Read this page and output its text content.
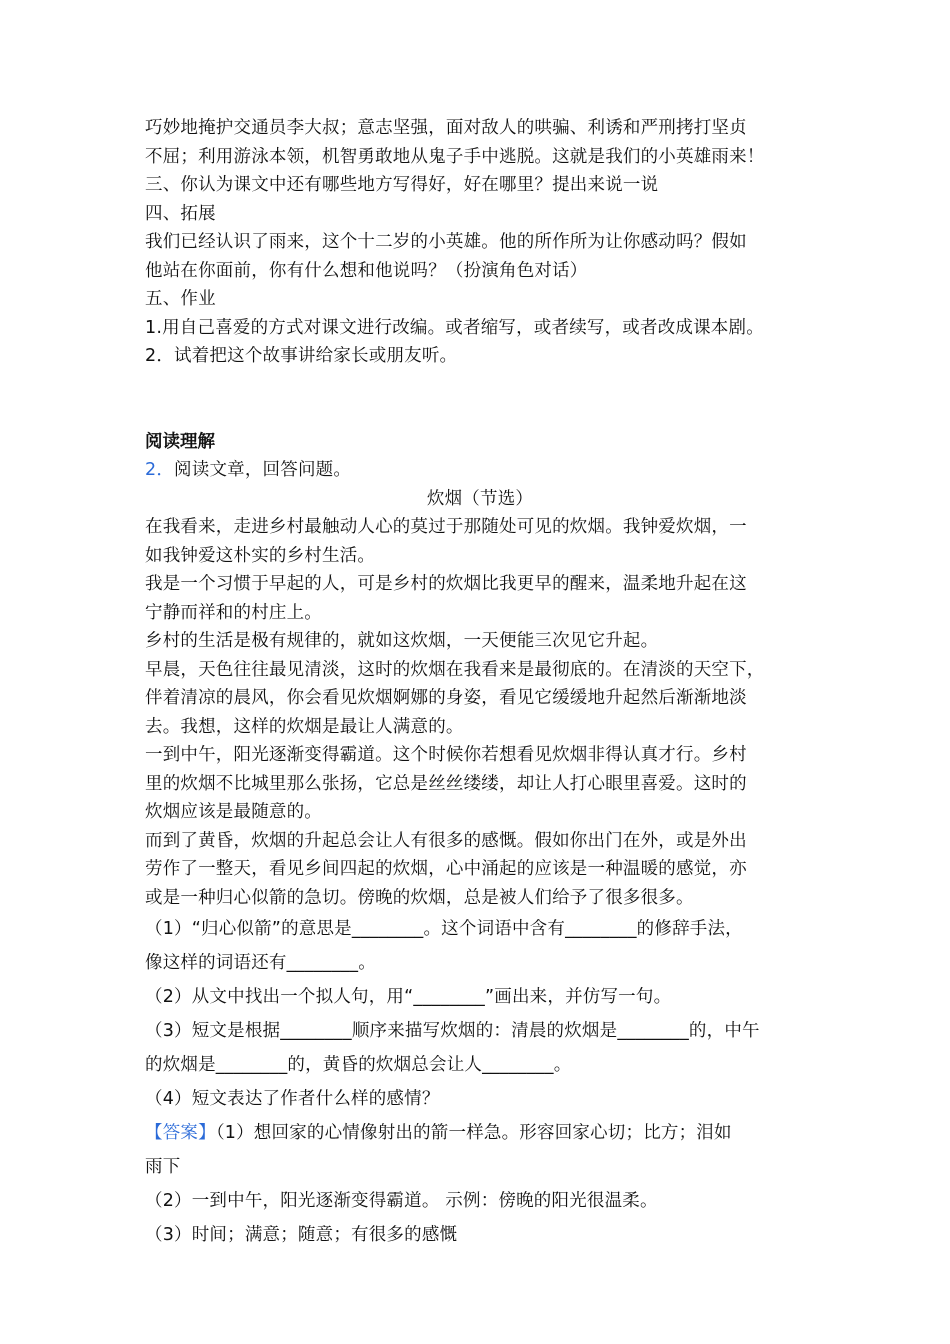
巧妙地掩护交通员李大叔；意志坚强，面对敌人的哄骗、利诱和严刑拷打坚贞
不屈；利用游泳本领，机智勇敢地从鬼子手中逃脱。这就是我们的小英雄雨来！
三、你认为课文中还有哪些地方写得好，好在哪里？提出来说一说
四、拓展
我们已经认识了雨来，这个十二岁的小英雄。他的所作所为让你感动吗？假如
他站在你面前，你有什么想和他说吗？（扮演角色对话）
五、作业
1.用自己喜爱的方式对课文进行改编。或者缩写，或者续写，或者改成课本剧。
2．试着把这个故事讲给家长或朋友听。
阅读理解
2．阅读文章，回答问题。
炊烟（节选）
在我看来，走进乡村最触动人心的莫过于那随处可见的炊烟。我钟爱炊烟，一
如我钟爱这朴实的乡村生活。
我是一个习惯于早起的人，可是乡村的炊烟比我更早的醒来，温柔地升起在这
宁静而祥和的村庄上。
乡村的生活是极有规律的，就如这炊烟，一天便能三次见它升起。
早晨，天色往往最见清淡，这时的炊烟在我看来是最彻底的。在清淡的天空下，
伴着清凉的晨风，你会看见炊烟婀娜的身姿，看见它缓缓地升起然后渐渐地淡
去。我想，这样的炊烟是最让人满意的。
一到中午，阳光逐渐变得霸道。这个时候你若想看见炊烟非得认真才行。乡村
里的炊烟不比城里那么张扬，它总是丝丝缕缕，却让人打心眼里喜爱。这时的
炊烟应该是最随意的。
而到了黄昏，炊烟的升起总会让人有很多的感慨。假如你出门在外，或是外出
劳作了一整天，看见乡间四起的炊烟，心中涌起的应该是一种温暖的感觉，亦
或是一种归心似箭的急切。傍晚的炊烟，总是被人们给予了很多很多。
（1）“归心似箭”的意思是________。这个词语中含有________的修辞手法，
像这样的词语还有________。
（2）从文中找出一个拟人句，用“________”画出来，并仿写一句。
（3）短文是根据________顺序来描写炊烟的：清晨的炊烟是________的，中午
的炊烟是________的，黄昏的炊烟总会让人________。
（4）短文表达了作者什么样的感情？
【答案】（1）想回家的心情像射出的箭一样急。形容回家心切；比方；泪如
雨下
（2）一到中午，阳光逐渐变得霸道。 示例：傍晚的阳光很温柔。
（3）时间；满意；随意；有很多的感慨
